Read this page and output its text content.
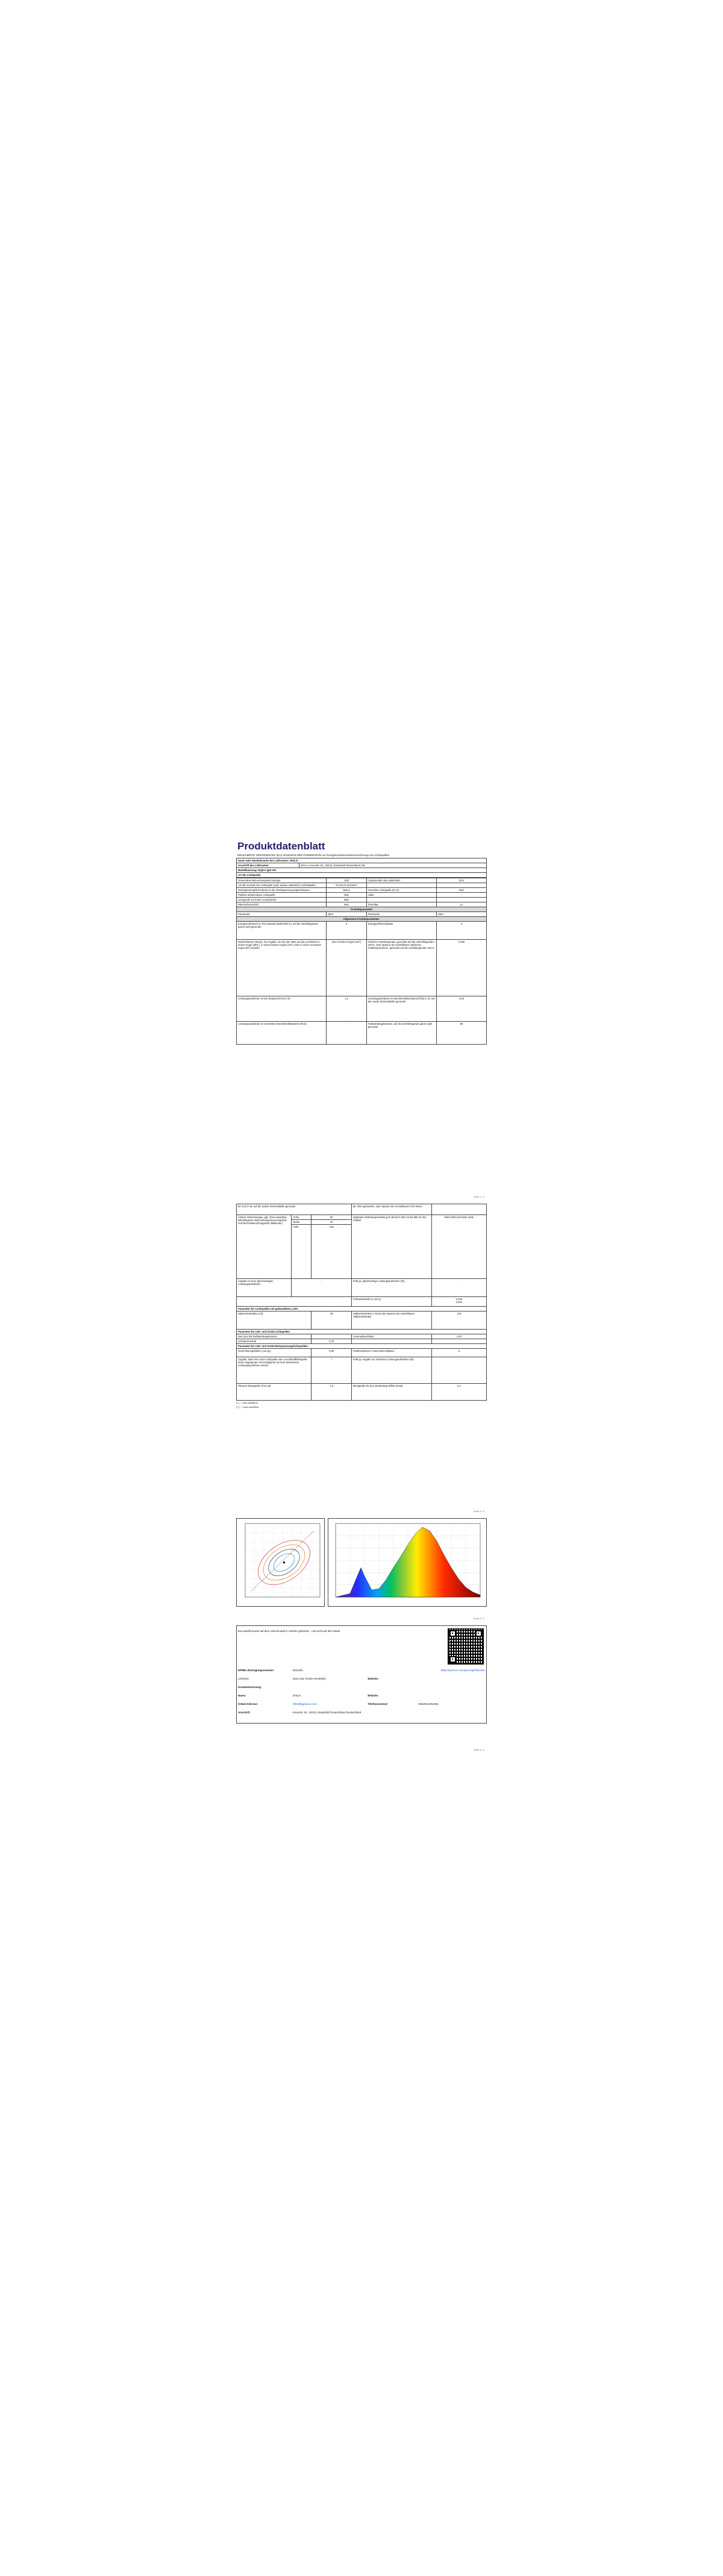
Produktdatenblatt
DELEGIERTE VERORDNUNG (EU) 2019/2015 DER KOMMISSION zur Energieverbrauchskennzeichnung von Lichtquellen
Name oder Handelsmarke des Lieferanten: ZHILAI
Anschrift des Lieferanten:	ZHILAI, Kreuzstr. 6C, 40210, Düsseldorf Deutschland, DE
Modellkennung: Night Light 001
Art der Lichtquelle:
Verwendete Beleuchtungstechnologie:	LED	Ungebündelt oder gebündelt:	DLS
Art des Sockels der Lichtquelle (oder andere elektrische Schnittstelle)	PLUG-IN SOCKET		
Netzspannung/Nicht direkt an die Netzspannung angeschlossen:	NMLS	Vernetzte Lichtquelle (CLS):	Nein
Farblich abstimmbare Lichtquelle:	Nein	Hülle:	-
Lichtquelle mit hoher Leuchtdichte:	Nein		
Blendschutzschild:	Nein	Dimmbar:	ja
Produktparameter			
Parameter	Wert	Parameter	Wert
Allgemeine Produktparameter:			
Energieverbrauch im Ein-Zustand (kWh/1000 h), auf die nächstliegende ganze Zahl gerundet	2	Energieeffizienzklasse	F
Nutzlichtstrom (Φuse), mit Angabe, ob sich der Wert auf den Lichtstrom in einem Kegel (360°), in einem breiten Kegel (120°) oder in einem schmalen Kegel (90°) bezieht	100 in breiter Kegel (120°)	Ähnliche Farbtemperatur, gerundet auf die nächstliegenden 100 K, oder Spanne der einstellbaren ähnlichen Farbtemperaturen, gerundet auf die nächstliegenden 100 K	3 000
Leistungsaufnahme im Ein-Zustand (Pon) in W	1,2	Leistungsaufnahme im Bereitschaftszustand (Psb) in W, auf die zweite Dezimalstelle gerundet	0,50
Leistungsaufnahme im vernetzten Bereitschaftsbetrieb (Pnet)	-	Farbwiedergabeindex, auf die nächstliegende ganze Zahl gerundet	80
Seite 1 / 4
für CLS in W, auf die zweite Dezimalstelle gerundet			ab. Wert gebunden, oder Spanne der einstellbaren CRI-Werte	
Äußere Abmessungen, ggf. ohne separates Betriebsgerät, Beleuchtungssteuerungsteile und Nicht-Beleuchtungsteile (Millimeter)	Höhe	82	Spektrale Strahlungsverteilung im Bereich 250 nm bis 800 nm bei Volllast	Siehe Bild auf letzter Seite
	Breite	70		
	Tiefe	135		
Angabe zu einer gleichwertigen Leistungsaufnahme*	-		Falls ja, gleichwertige Leistungsaufnahme (W)	-
			Farbwertanteile (x und y)	0,446
0,403
Parameter für Lichtquellen mit gebündeltem Licht:				
Spitzenlichtstärke (cd)		48	Halbwertswinkel in Grad oder Spanne der einstellbaren Halbwertswinkel	120
Parameter für LED- und OLED-Lichtquellen:				
Wert des R9-Farbwiedergabeindex			Lebensdauerfaktor	1,00
Lichtstromerhalt		0,70		
Parameter für LED- und OLED-Netzspannungslichtquellen:				
Verschiebungsfaktor (cos φ1)		0,50	Farbkonsistenz in MacAdam-Ellipsen	5
Angabe, dass eine LED-Lichtquelle eine Leuchtstofflichtquelle ohne eingebautes Vorschaltgerät mit einer bestimmten Leistungsaufnahme ersetzt		-*	Falls ja, Angabe zur ersetzten Leistungsaufnahme (W)	-
Flimmer-Messgröße (Pst LM)		1,0	Messgröße für den Stroboskop-Effekt (SVM)	0,4
(*) „-“ nicht zutreffend
(**) „-“ nicht zutreffend
Seite 2 / 4
Seite 3 / 4
Das Modell wurde auf dem Unionsmarkt in Verkehr gebracht... und nicht auf dem Markt			

EPREL-Eintragungsnummer:	2521261	https://eprel.ec.europa.eu/qr/2521261	
Lieferant:	Zuoci (Zur GmbH Hersteller)	Website:	
Kundenbetreuung:			
Name:	ZHILAI	Website:	
E-Mail-Adresse:	zhilai@gpamon.com	Telefonnummer:	+8615012354394
Anschrift:	Kreuzstr. 6C, 40210, Düsseldorf Deutschland Deutschland		
Seite 4 / 4
